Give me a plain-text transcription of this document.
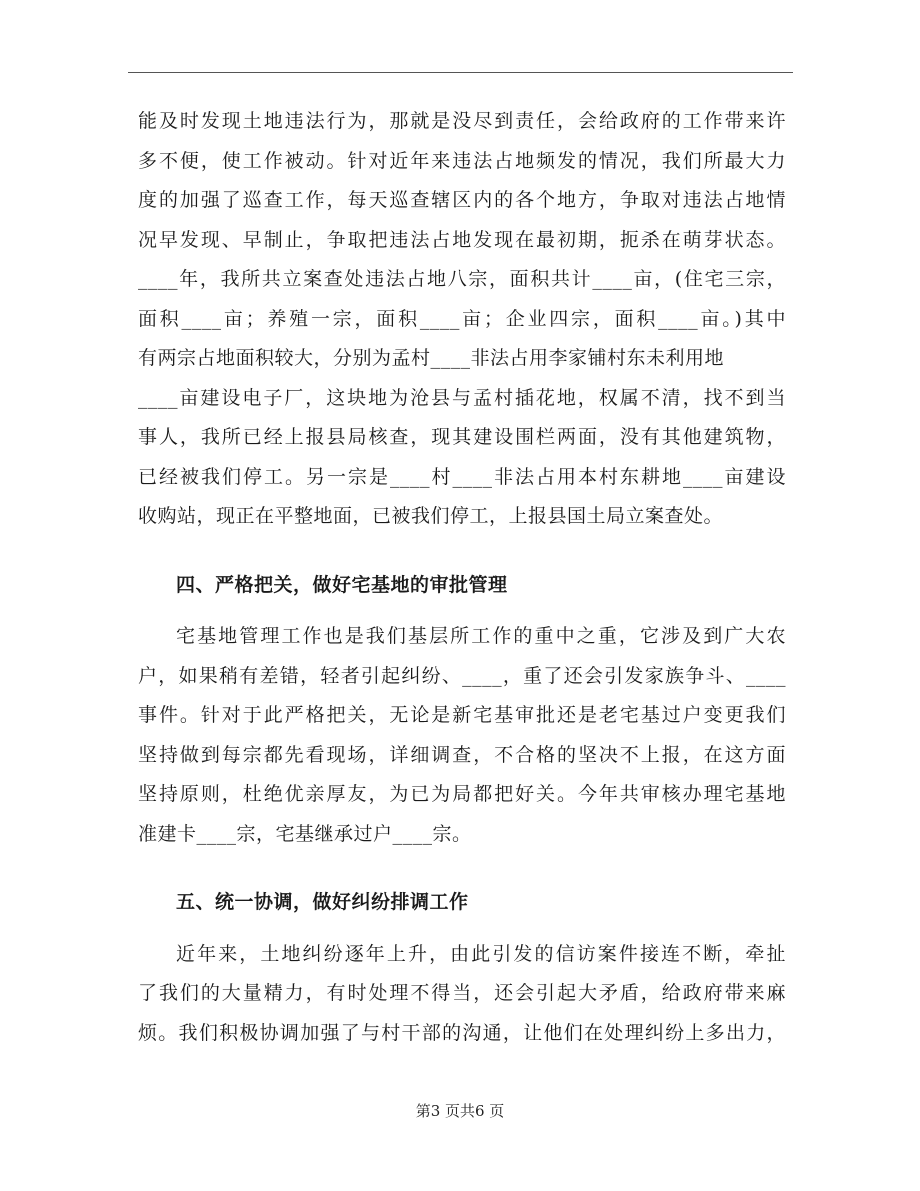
能及时发现土地违法行为，那就是没尽到责任，会给政府的工作带来许
多不便，使工作被动。针对近年来违法占地频发的情况，我们所最大力
度的加强了巡查工作，每天巡查辖区内的各个地方，争取对违法占地情
况早发现、早制止，争取把违法占地发现在最初期，扼杀在萌芽状态。
____年，我所共立案查处违法占地八宗，面积共计____亩，(住宅三宗，
面积____亩；养殖一宗，面积____亩；企业四宗，面积____亩。)其中
有两宗占地面积较大，分别为孟村____非法占用李家铺村东未利用地
____亩建设电子厂，这块地为沧县与孟村插花地，权属不清，找不到当
事人，我所已经上报县局核查，现其建设围栏两面，没有其他建筑物，
已经被我们停工。另一宗是____村____非法占用本村东耕地____亩建设
收购站，现正在平整地面，已被我们停工，上报县国土局立案查处。
四、严格把关，做好宅基地的审批管理
宅基地管理工作也是我们基层所工作的重中之重，它涉及到广大农
户，如果稍有差错，轻者引起纠纷、____，重了还会引发家族争斗、____
事件。针对于此严格把关，无论是新宅基审批还是老宅基过户变更我们
坚持做到每宗都先看现场，详细调查，不合格的坚决不上报，在这方面
坚持原则，杜绝优亲厚友，为已为局都把好关。今年共审核办理宅基地
准建卡____宗，宅基继承过户____宗。
五、统一协调，做好纠纷排调工作
近年来，土地纠纷逐年上升，由此引发的信访案件接连不断，牵扯
了我们的大量精力，有时处理不得当，还会引起大矛盾，给政府带来麻
烦。我们积极协调加强了与村干部的沟通，让他们在处理纠纷上多出力，
第3 页共6 页
